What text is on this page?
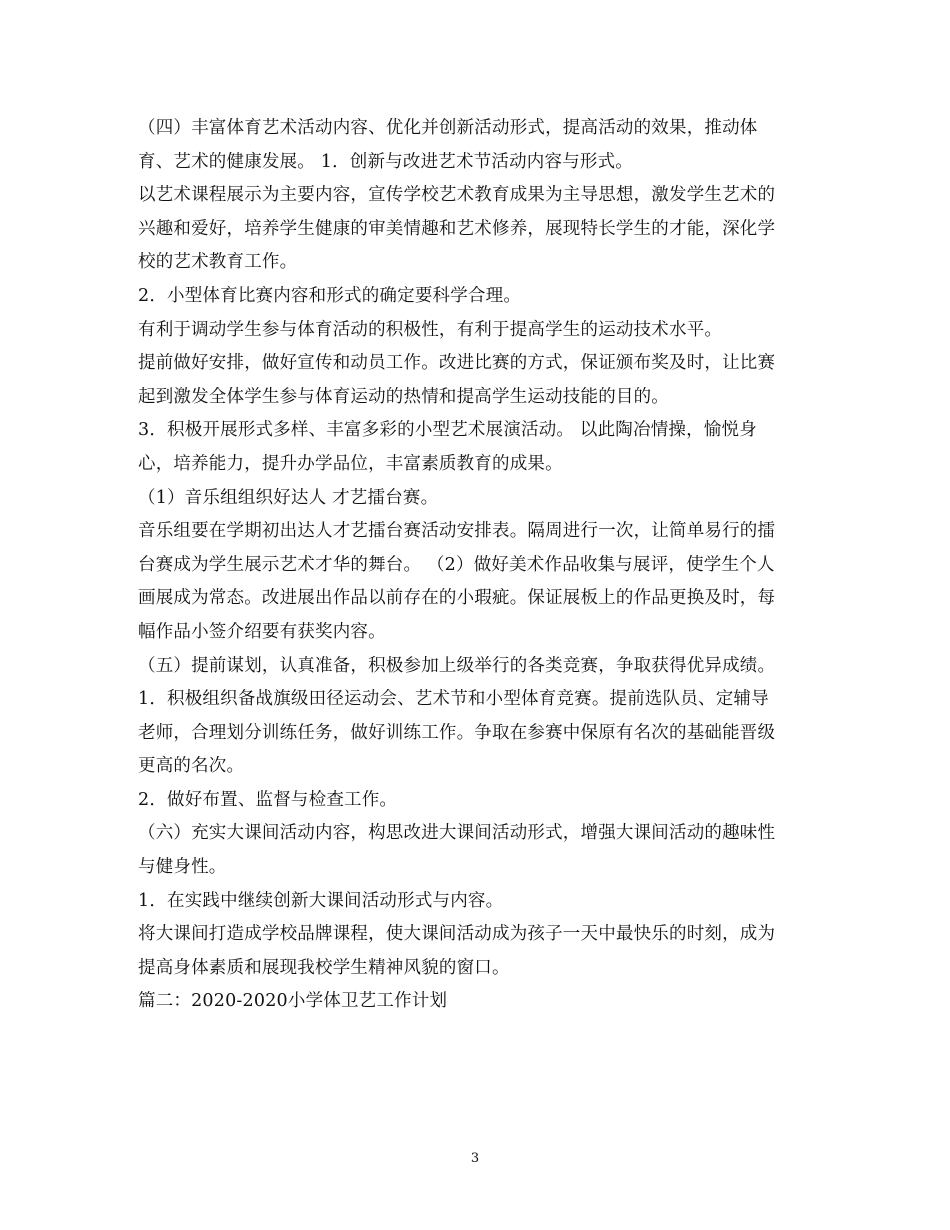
（四）丰富体育艺术活动内容、优化并创新活动形式，提高活动的效果，推动体
育、艺术的健康发展。 1．创新与改进艺术节活动内容与形式。
以艺术课程展示为主要内容，宣传学校艺术教育成果为主导思想，激发学生艺术的
兴趣和爱好，培养学生健康的审美情趣和艺术修养，展现特长学生的才能，深化学
校的艺术教育工作。
2．小型体育比赛内容和形式的确定要科学合理。
有利于调动学生参与体育活动的积极性，有利于提高学生的运动技术水平。
提前做好安排，做好宣传和动员工作。改进比赛的方式，保证颁布奖及时，让比赛
起到激发全体学生参与体育运动的热情和提高学生运动技能的目的。
3．积极开展形式多样、丰富多彩的小型艺术展演活动。 以此陶冶情操，愉悦身
心，培养能力，提升办学品位，丰富素质教育的成果。
（1）音乐组组织好达人 才艺擂台赛。
音乐组要在学期初出达人才艺擂台赛活动安排表。隔周进行一次，让简单易行的擂
台赛成为学生展示艺术才华的舞台。 （2）做好美术作品收集与展评，使学生个人
画展成为常态。改进展出作品以前存在的小瑕疵。保证展板上的作品更换及时，每
幅作品小签介绍要有获奖内容。
（五）提前谋划，认真准备，积极参加上级举行的各类竞赛，争取获得优异成绩。
1．积极组织备战旗级田径运动会、艺术节和小型体育竞赛。提前选队员、定辅导
老师，合理划分训练任务，做好训练工作。争取在参赛中保原有名次的基础能晋级
更高的名次。
2．做好布置、监督与检查工作。
（六）充实大课间活动内容，构思改进大课间活动形式，增强大课间活动的趣味性
与健身性。
1．在实践中继续创新大课间活动形式与内容。
将大课间打造成学校品牌课程，使大课间活动成为孩子一天中最快乐的时刻，成为
提高身体素质和展现我校学生精神风貌的窗口。
篇二：2020-2020小学体卫艺工作计划
3
